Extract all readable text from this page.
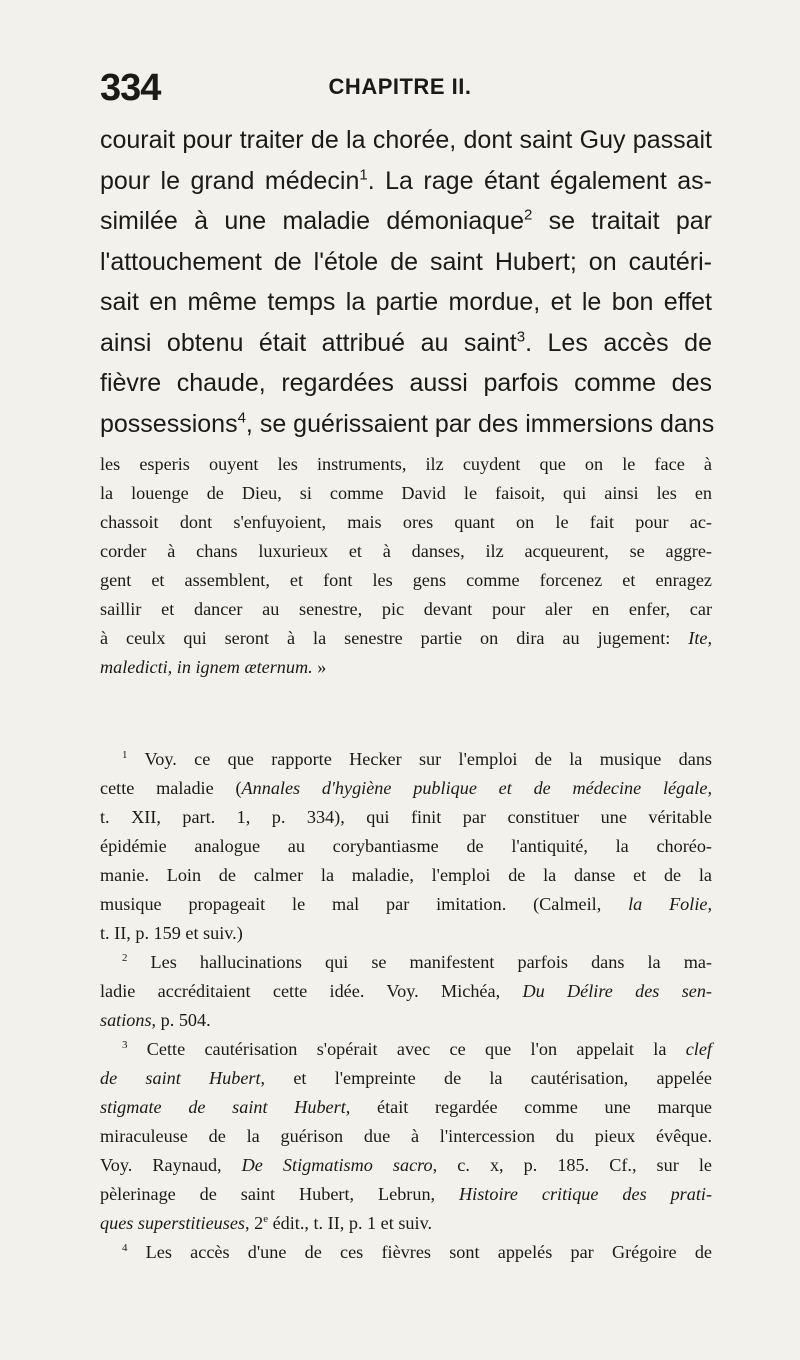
334	CHAPITRE II.
courait pour traiter de la chorée, dont saint Guy passait
pour le grand médecin$^1$. La rage étant également as-
similée à une maladie démoniaque$^2$ se traitait par
l'attouchement de l'étole de saint Hubert; on cautéri-
sait en même temps la partie mordue, et le bon effet
ainsi obtenu était attribué au saint$^3$. Les accès de
fièvre chaude, regardées aussi parfois comme des
possessions$^4$, se guérissaient par des immersions dans
les esperis ouyent les instruments, ilz cuydent que on le face à
la louenge de Dieu, si comme David le faisoit, qui ainsi les en
chassoit dont s'enfuyoient, mais ores quant on le fait pour ac-
corder à chans luxurieux et à danses, ilz acqueurent, se aggre-
gent et assemblent, et font les gens comme forcenez et enragez
saillir et dancer au senestre, pic devant pour aler en enfer, car
à ceulx qui seront à la senestre partie on dira au jugement: Ite,
maledicti, in ignem æternum. »
$^1$ Voy. ce que rapporte Hecker sur l'emploi de la musique dans
cette maladie (Annales d'hygiène publique et de médecine légale,
t. XII, part. 1, p. 334), qui finit par constituer une véritable
épidémie analogue au corybantiasme de l'antiquité, la choréo-
manie. Loin de calmer la maladie, l'emploi de la danse et de la
musique propageait le mal par imitation. (Calmeil, la Folie,
t. II, p. 159 et suiv.)
$^2$ Les hallucinations qui se manifestent parfois dans la ma-
ladie accréditaient cette idée. Voy. Michéa, Du Délire des sen-
sations, p. 504.
$^3$ Cette cautérisation s'opérait avec ce que l'on appelait la clef
de saint Hubert, et l'empreinte de la cautérisation, appelée
stigmate de saint Hubert, était regardée comme une marque
miraculeuse de la guérison due à l'intercession du pieux évêque.
Voy. Raynaud, De Stigmatismo sacro, c. x, p. 185. Cf., sur le
pèlerinage de saint Hubert, Lebrun, Histoire critique des prati-
ques superstitieuses, 2e édit., t. II, p. 1 et suiv.
$^4$ Les accès d'une de ces fièvres sont appelés par Grégoire de
